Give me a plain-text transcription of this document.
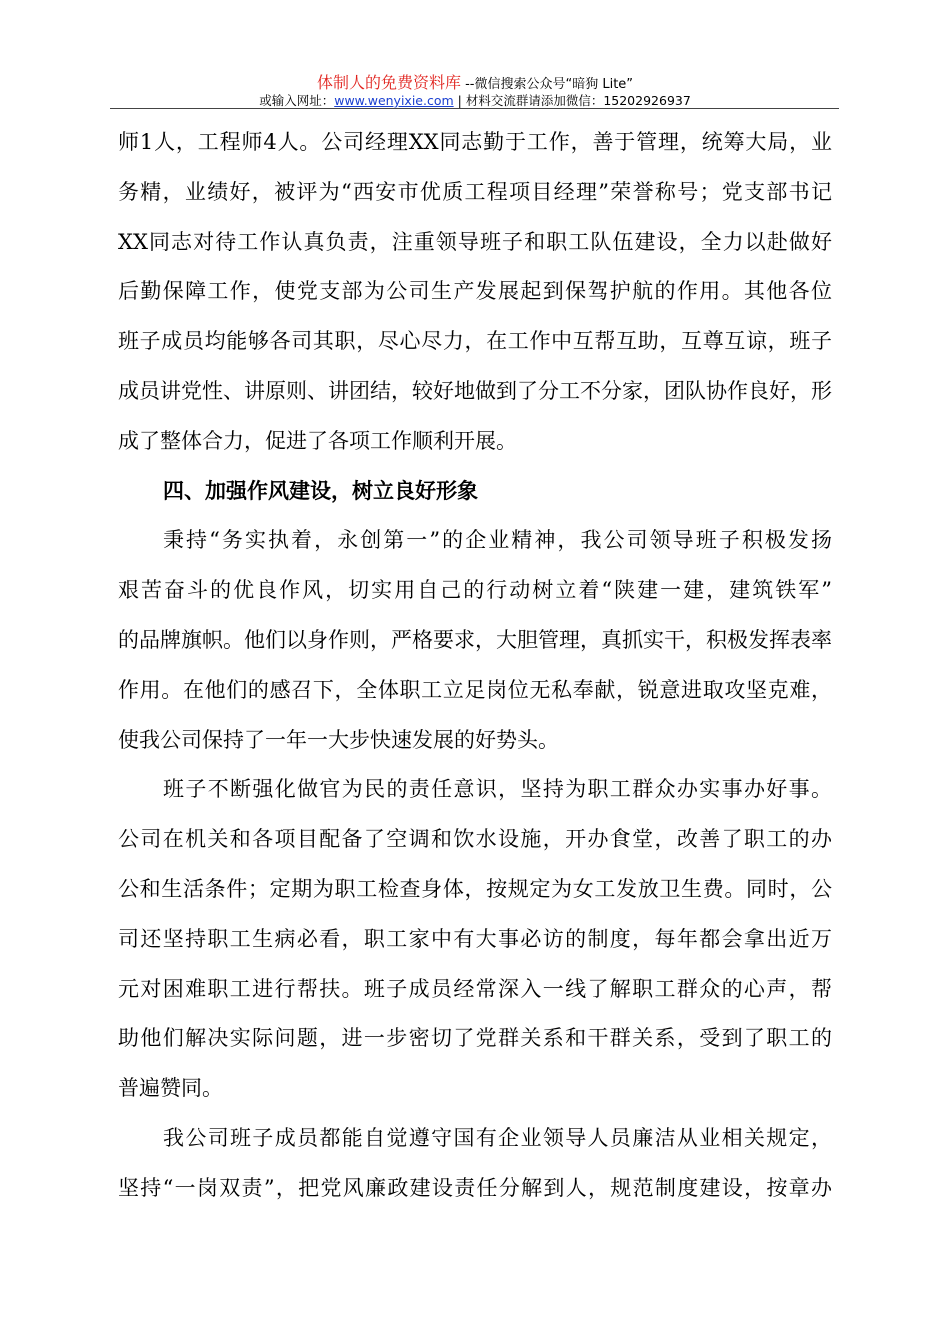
体制人的免费资料库 --微信搜索公众号“暗狗 Lite”
或输入网址：www.wenyixie.com | 材料交流群请添加微信：15202926937
师1人，工程师4人。公司经理XX同志勤于工作，善于管理，统筹大局，业
务精，业绩好，被评为“西安市优质工程项目经理”荣誉称号；党支部书记
XX同志对待工作认真负责，注重领导班子和职工队伍建设，全力以赴做好
后勤保障工作，使党支部为公司生产发展起到保驾护航的作用。其他各位
班子成员均能够各司其职，尽心尽力，在工作中互帮互助，互尊互谅，班子
成员讲党性、讲原则、讲团结，较好地做到了分工不分家，团队协作良好，形
成了整体合力，促进了各项工作顺利开展。
四、加强作风建设，树立良好形象
秉持“务实执着，永创第一”的企业精神，我公司领导班子积极发扬
艰苦奋斗的优良作风，切实用自己的行动树立着“陕建一建，建筑铁军”
的品牌旗帜。他们以身作则，严格要求，大胆管理，真抓实干，积极发挥表率
作用。在他们的感召下，全体职工立足岗位无私奉献，锐意进取攻坚克难，
使我公司保持了一年一大步快速发展的好势头。
班子不断强化做官为民的责任意识，坚持为职工群众办实事办好事。
公司在机关和各项目配备了空调和饮水设施，开办食堂，改善了职工的办
公和生活条件；定期为职工检查身体，按规定为女工发放卫生费。同时，公
司还坚持职工生病必看，职工家中有大事必访的制度，每年都会拿出近万
元对困难职工进行帮扶。班子成员经常深入一线了解职工群众的心声，帮
助他们解决实际问题，进一步密切了党群关系和干群关系，受到了职工的
普遍赞同。
我公司班子成员都能自觉遵守国有企业领导人员廉洁从业相关规定，
坚持“一岗双责”，把党风廉政建设责任分解到人，规范制度建设，按章办
